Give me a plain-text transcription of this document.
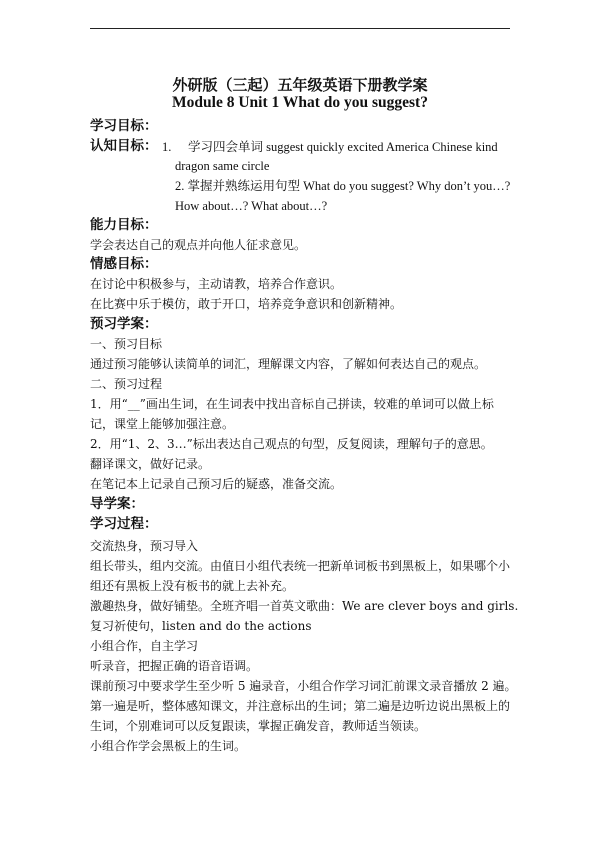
外研版（三起）五年级英语下册教学案
Module 8 Unit 1 What do you suggest?
学习目标：
认知目标： 1. 学习四会单词 suggest quickly excited America Chinese kind
dragon same circle
2. 掌握并熟练运用句型 What do you suggest? Why don’t you…?
How about…? What about…?
能力目标：
学会表达自己的观点并向他人征求意见。
情感目标：
在讨论中积极参与，主动请教，培养合作意识。
在比赛中乐于模仿，敢于开口，培养竞争意识和创新精神。
预习学案：
一、预习目标
通过预习能够认读简单的词汇，理解课文内容，了解如何表达自己的观点。
二、预习过程
1．用“__”画出生词，在生词表中找出音标自己拼读，较难的单词可以做上标
记，课堂上能够加强注意。
2．用“1、2、3…”标出表达自己观点的句型，反复阅读，理解句子的意思。
翻译课文，做好记录。
在笔记本上记录自己预习后的疑惑，准备交流。
导学案：
学习过程：
交流热身，预习导入
组长带头，组内交流。由值日小组代表统一把新单词板书到黑板上，如果哪个小
组还有黑板上没有板书的就上去补充。
激趣热身，做好铺垫。全班齐唱一首英文歌曲：We are clever boys and girls.
复习祈使句，listen and do the actions
小组合作，自主学习
听录音，把握正确的语音语调。
课前预习中要求学生至少听 5 遍录音，小组合作学习词汇前课文录音播放 2 遍。
第一遍是听，整体感知课文，并注意标出的生词；第二遍是边听边说出黑板上的
生词，个别难词可以反复跟读，掌握正确发音，教师适当领读。
小组合作学会黑板上的生词。
